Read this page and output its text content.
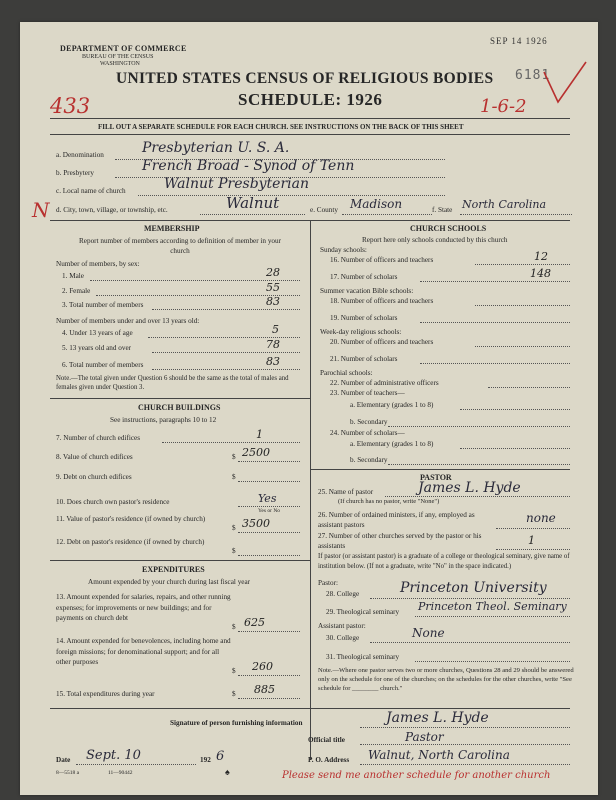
DEPARTMENT OF COMMERCE
BUREAU OF THE CENSUS
WASHINGTON
SEP 14 1926
6181
UNITED STATES CENSUS OF RELIGIOUS BODIES
SCHEDULE: 1926
433	1-6-2
FILL OUT A SEPARATE SCHEDULE FOR EACH CHURCH. SEE INSTRUCTIONS ON THE BACK OF THIS SHEET
a. Denomination	Presbyterian U. S. A.
b. Presbytery	French Broad - Synod of Tenn
c. Local name of church	Walnut Presbyterian
N d. City, town, village, or township, etc.	Walnut	e. County Madison	f. State North Carolina
MEMBERSHIP
Report number of members according to definition of member in your church
Number of members, by sex:
1. Male	28
2. Female	55
3. Total number of members	83
Number of members under and over 13 years old:
4. Under 13 years of age	5
5. 13 years old and over	78
6. Total number of members	83
Note.—The total given under Question 6 should be the same as the total of males and females given under Question 3.
CHURCH BUILDINGS
See instructions, paragraphs 10 to 12
7. Number of church edifices	1
8. Value of church edifices	$ 2500
9. Debt on church edifices	$
10. Does church own pastor's residence	Yes
Yes or No
11. Value of pastor's residence (if owned by church)
$ 3500
12. Debt on pastor's residence (if owned by church)
$
EXPENDITURES
Amount expended by your church during last fiscal year
13. Amount expended for salaries, repairs, and other running expenses; for improvements or new buildings; and for payments on church debt
$ 625
14. Amount expended for benevolences, including home and foreign missions; for denominational support; and for all other purposes
$ 260
15. Total expenditures during year	$ 885
CHURCH SCHOOLS
Report here only schools conducted by this church
Sunday schools:
16. Number of officers and teachers	12
17. Number of scholars	148
Summer vacation Bible schools:
18. Number of officers and teachers
19. Number of scholars
Week-day religious schools:
20. Number of officers and teachers
21. Number of scholars
Parochial schools:
22. Number of administrative officers
23. Number of teachers—
a. Elementary (grades 1 to 8)
b. Secondary
24. Number of scholars—
a. Elementary (grades 1 to 8)
b. Secondary
PASTOR
25. Name of pastor	James L. Hyde
(If church has no pastor, write "None")
26. Number of ordained ministers, if any, employed as assistant pastors	none
27. Number of other churches served by the pastor or his assistants	1
If pastor (or assistant pastor) is a graduate of a college or theological seminary, give name of institution below. (If not a graduate, write "No" in the space indicated.)
Pastor:
28. College	Princeton University
29. Theological seminary Princeton Theol. Seminary
Assistant pastor:
30. College	None
31. Theological seminary
Note.—Where one pastor serves two or more churches, Questions 28 and 29 should be answered only on the schedule for one of the churches; on the schedules for the other churches, write "See schedule for ________ church."
Signature of person furnishing information	James L. Hyde
Official title	Pastor
Date Sept. 10	192 6	P. O. Address Walnut, North Carolina
8—5518 a	11—90442	♠	Please send me another schedule for another church
